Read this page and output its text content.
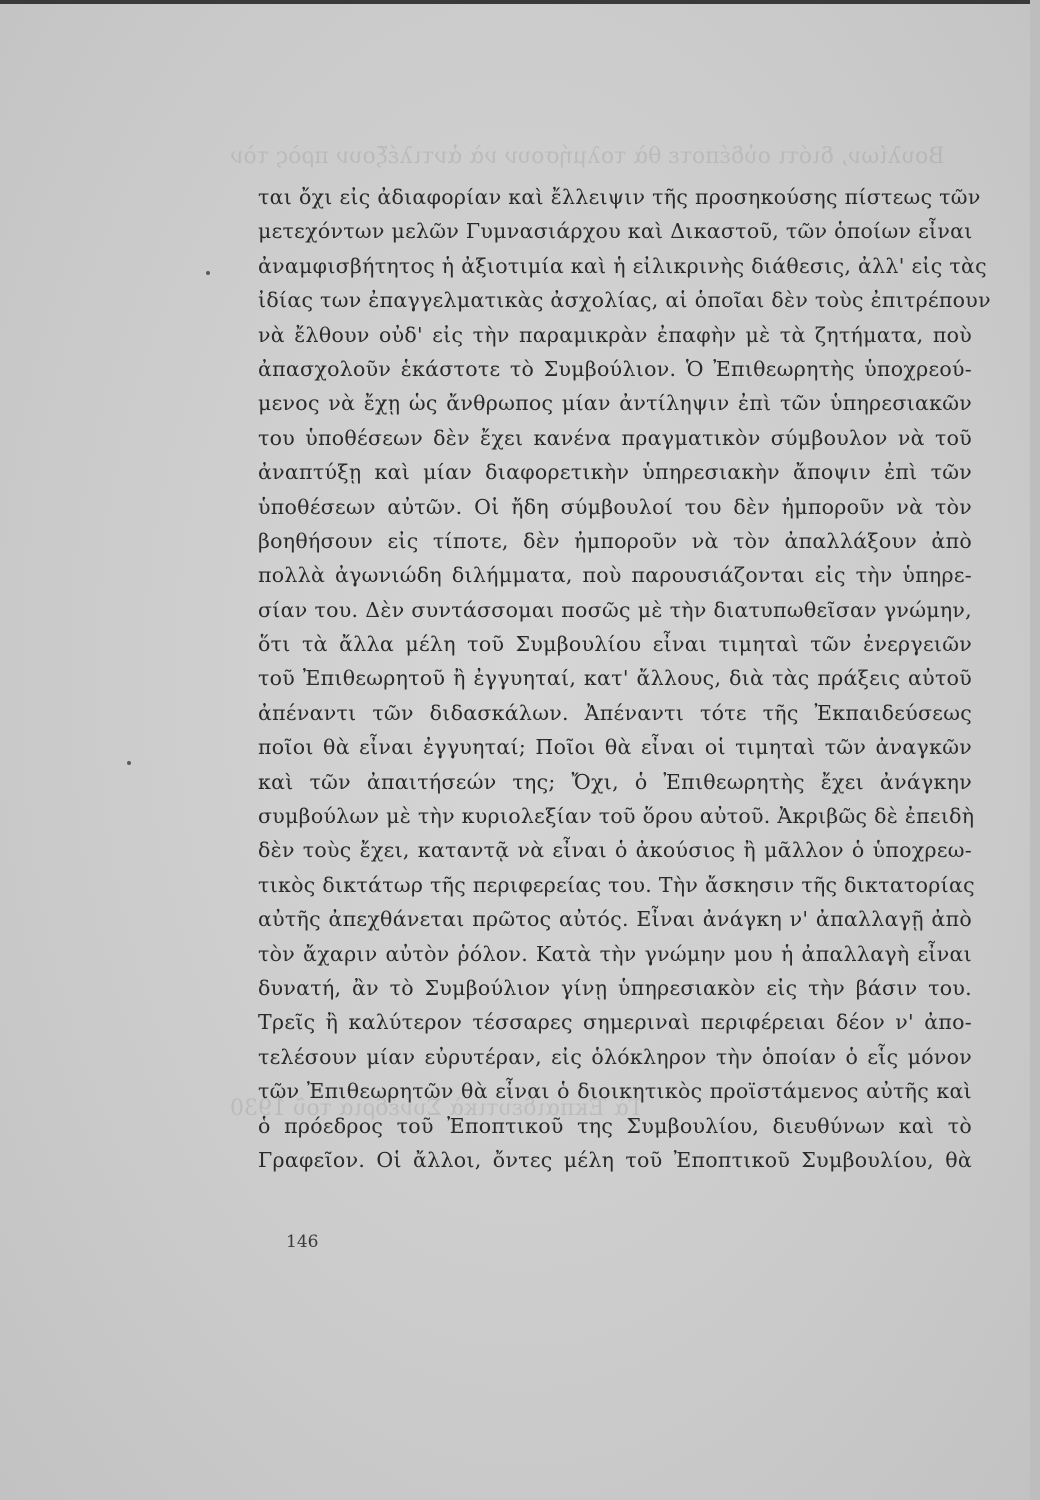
ται ὄχι εἰς ἀδιαφορίαν καὶ ἔλλειψιν τῆς προσηκούσης πίστεως τῶν
μετεχόντων μελῶν Γυμνασιάρχου καὶ Δικαστοῦ, τῶν ὁποίων εἶναι
ἀναμφισβήτητος ἡ ἀξιοτιμία καὶ ἡ εἰλικρινὴς διάθεσις, ἀλλ' εἰς τὰς
ἰδίας των ἐπαγγελματικὰς ἀσχολίας, αἱ ὁποῖαι δὲν τοὺς ἐπιτρέπουν
νὰ ἔλθουν οὐδ' εἰς τὴν παραμικρὰν ἐπαφὴν μὲ τὰ ζητήματα, ποὺ
ἀπασχολοῦν ἑκάστοτε τὸ Συμβούλιον. Ὁ Ἐπιθεωρητὴς ὑποχρεού-
μενος νὰ ἔχῃ ὡς ἄνθρωπος μίαν ἀντίληψιν ἐπὶ τῶν ὑπηρεσιακῶν
του ὑποθέσεων δὲν ἔχει κανένα πραγματικὸν σύμβουλον νὰ τοῦ
ἀναπτύξῃ καὶ μίαν διαφορετικὴν ὑπηρεσιακὴν ἄποψιν ἐπὶ τῶν
ὑποθέσεων αὐτῶν. Οἱ ἤδη σύμβουλοί του δὲν ἠμποροῦν νὰ τὸν
βοηθήσουν εἰς τίποτε, δὲν ἠμποροῦν νὰ τὸν ἀπαλλάξουν ἀπὸ
πολλὰ ἀγωνιώδη διλήμματα, ποὺ παρουσιάζονται εἰς τὴν ὑπηρε-
σίαν του. Δὲν συντάσσομαι ποσῶς μὲ τὴν διατυπωθεῖσαν γνώμην,
ὅτι τὰ ἄλλα μέλη τοῦ Συμβουλίου εἶναι τιμηταὶ τῶν ἐνεργειῶν
τοῦ Ἐπιθεωρητοῦ ἢ ἐγγυηταί, κατ' ἄλλους, διὰ τὰς πράξεις αὐτοῦ
ἀπέναντι τῶν διδασκάλων. Ἀπέναντι τότε τῆς Ἐκπαιδεύσεως
ποῖοι θὰ εἶναι ἐγγυηταί; Ποῖοι θὰ εἶναι οἱ τιμηταὶ τῶν ἀναγκῶν
καὶ τῶν ἀπαιτήσεών της; Ὄχι, ὁ Ἐπιθεωρητὴς ἔχει ἀνάγκην
συμβούλων μὲ τὴν κυριολεξίαν τοῦ ὅρου αὐτοῦ. Ἀκριβῶς δὲ ἐπειδὴ
δὲν τοὺς ἔχει, καταντᾷ νὰ εἶναι ὁ ἀκούσιος ἢ μᾶλλον ὁ ὑποχρεω-
τικὸς δικτάτωρ τῆς περιφερείας του. Τὴν ἄσκησιν τῆς δικτατορίας
αὐτῆς ἀπεχθάνεται πρῶτος αὐτός. Εἶναι ἀνάγκη ν' ἀπαλλαγῇ ἀπὸ
τὸν ἄχαριν αὐτὸν ῥόλον. Κατὰ τὴν γνώμην μου ἡ ἀπαλλαγὴ εἶναι
δυνατή, ἂν τὸ Συμβούλιον γίνῃ ὑπηρεσιακὸν εἰς τὴν βάσιν του.
Τρεῖς ἢ καλύτερον τέσσαρες σημεριναὶ περιφέρειαι δέον ν' ἀπο-
τελέσουν μίαν εὐρυτέραν, εἰς ὁλόκληρον τὴν ὁποίαν ὁ εἷς μόνον
τῶν Ἐπιθεωρητῶν θὰ εἶναι ὁ διοικητικὸς προϊστάμενος αὐτῆς καὶ
ὁ πρόεδρος τοῦ Ἐποπτικοῦ της Συμβουλίου, διευθύνων καὶ τὸ
Γραφεῖον. Οἱ ἄλλοι, ὄντες μέλη τοῦ Ἐποπτικοῦ Συμβουλίου, θὰ
146
